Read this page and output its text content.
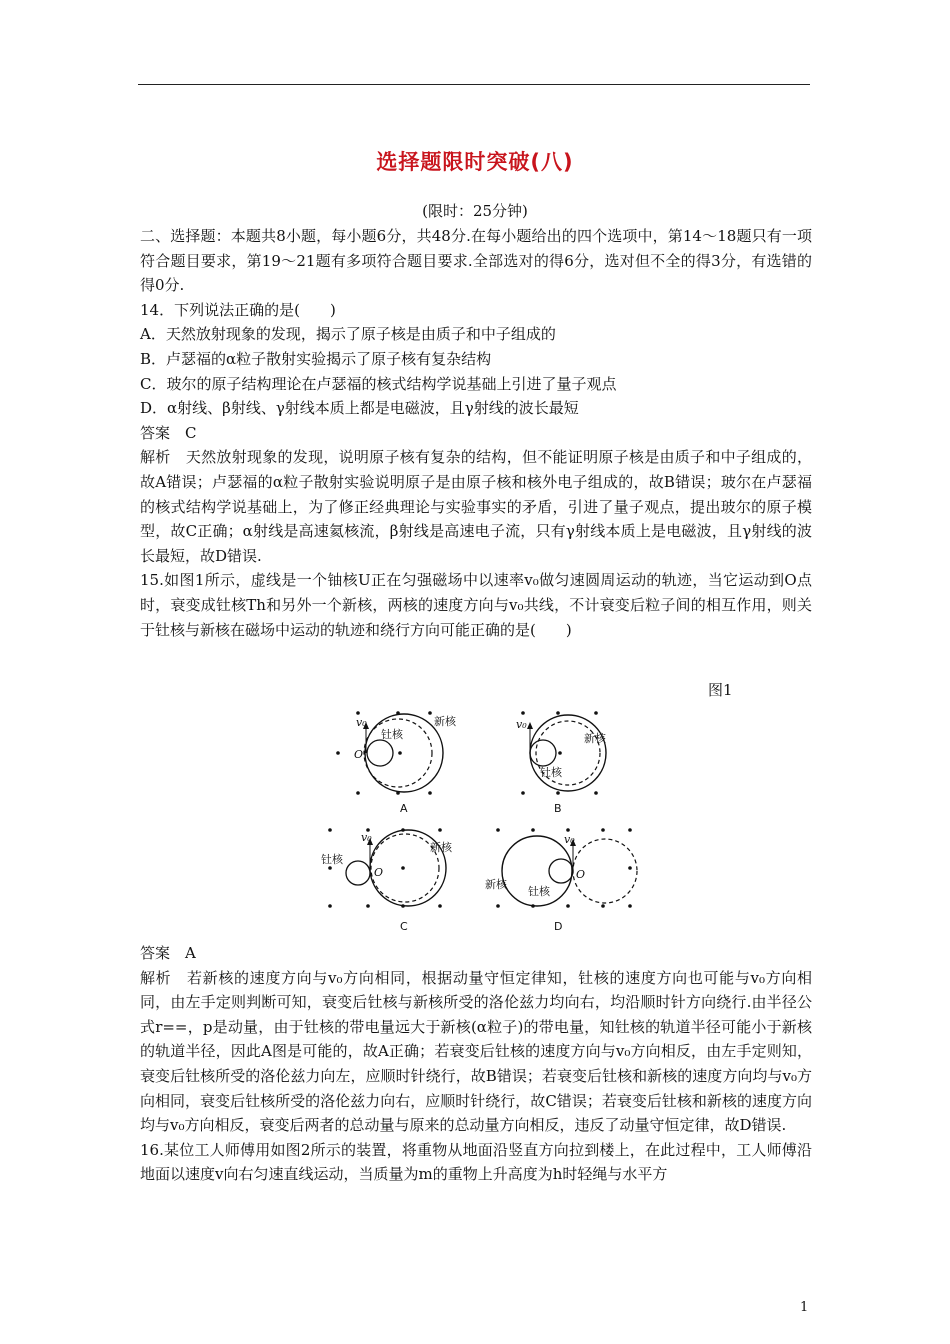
选择题限时突破(八)
(限时：25分钟)

二、选择题：本题共8小题，每小题6分，共48分.在每小题给出的四个选项中，第14～18题只有一项符合题目要求，第19～21题有多项符合题目要求.全部选对的得6分，选对但不全的得3分，有选错的得0分.

14．下列说法正确的是(　　)

A．天然放射现象的发现，揭示了原子核是由质子和中子组成的

B．卢瑟福的α粒子散射实验揭示了原子核有复杂结构

C．玻尔的原子结构理论在卢瑟福的核式结构学说基础上引进了量子观点

D．α射线、β射线、γ射线本质上都是电磁波，且γ射线的波长最短

答案　C

解析　天然放射现象的发现，说明原子核有复杂的结构，但不能证明原子核是由质子和中子组成的，故A错误；卢瑟福的α粒子散射实验说明原子是由原子核和核外电子组成的，故B错误；玻尔在卢瑟福的核式结构学说基础上，为了修正经典理论与实验事实的矛盾，引进了量子观点，提出玻尔的原子模型，故C正确；α射线是高速氦核流，β射线是高速电子流，只有γ射线本质上是电磁波，且γ射线的波长最短，故D错误.

15.如图1所示，虚线是一个铀核U正在匀强磁场中以速率v₀做匀速圆周运动的轨迹，当它运动到O点时，衰变成钍核Th和另外一个新核，两核的速度方向与v₀共线，不计衰变后粒子间的相互作用，则关于钍核与新核在磁场中运动的轨迹和绕行方向可能正确的是(　　)

图1
v₀
O
钍核
新核
A
v₀
新核
钍核
B
v₀
O
钍核
新核
C
v₀
O
新核
钍核
D

答案　A

解析　若新核的速度方向与v₀方向相同，根据动量守恒定律知，钍核的速度方向也可能与v₀方向相同，由左手定则判断可知，衰变后钍核与新核所受的洛伦兹力均向右，均沿顺时针方向绕行.由半径公式r==，p是动量，由于钍核的带电量远大于新核(α粒子)的带电量，知钍核的轨道半径可能小于新核的轨道半径，因此A图是可能的，故A正确；若衰变后钍核的速度方向与v₀方向相反，由左手定则知，衰变后钍核所受的洛伦兹力向左，应顺时针绕行，故B错误；若衰变后钍核和新核的速度方向均与v₀方向相同，衰变后钍核所受的洛伦兹力向右，应顺时针绕行，故C错误；若衰变后钍核和新核的速度方向均与v₀方向相反，衰变后两者的总动量与原来的总动量方向相反，违反了动量守恒定律，故D错误.

16.某位工人师傅用如图2所示的装置，将重物从地面沿竖直方向拉到楼上，在此过程中，工人师傅沿地面以速度v向右匀速直线运动，当质量为m的重物上升高度为h时轻绳与水平方

1
